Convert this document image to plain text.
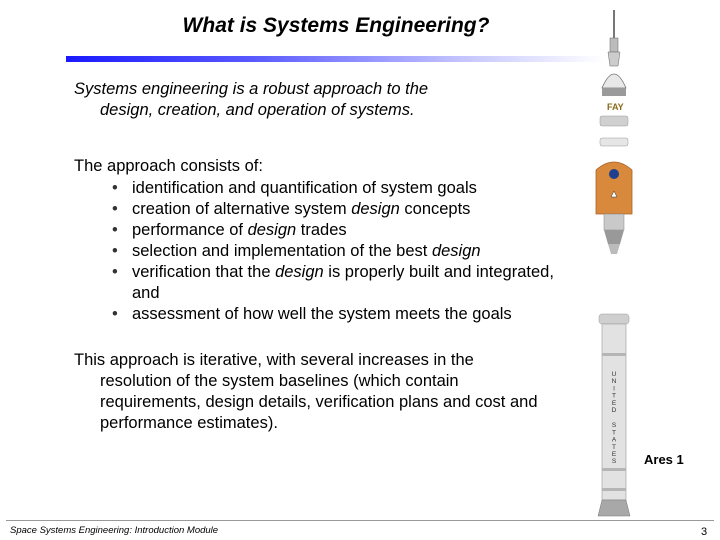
What is Systems Engineering?
Systems engineering is a robust approach to the
design, creation, and operation of systems.
The approach consists of:
• identification and quantification of system goals
• creation of alternative system design concepts
• performance of design trades
• selection and implementation of the best design
• verification that the design is properly built and integrated, and
• assessment of how well the system meets the goals
This approach is iterative, with several increases in the
resolution of the system baselines (which contain requirements, design details, verification plans and cost and performance estimates).
FAY
U
N
I
T
E
D
S
T
A
T
E
S Ares 1
Space Systems Engineering: Introduction Module	3
